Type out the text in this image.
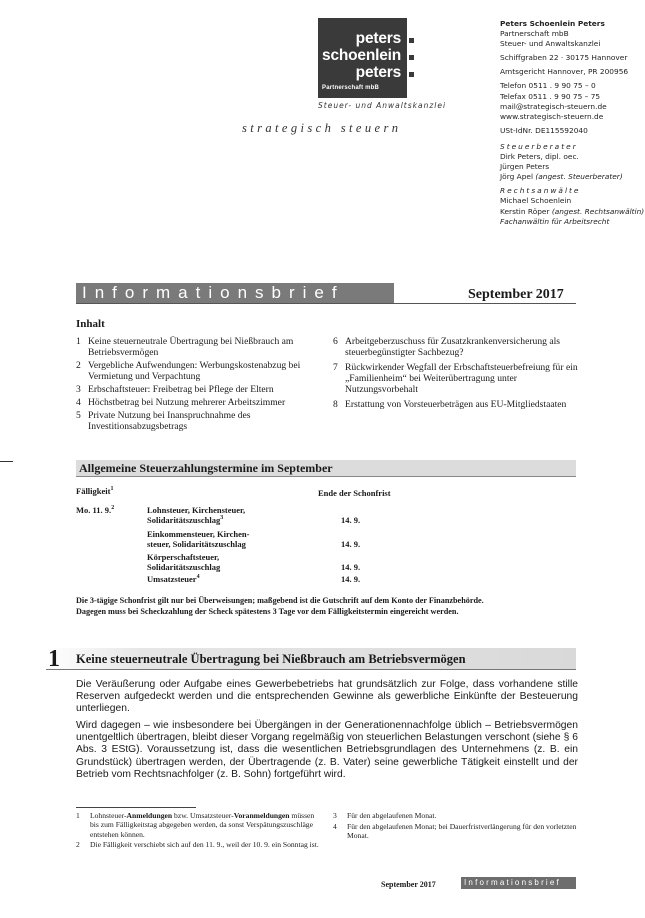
peters
schoenlein
peters
Partnerschaft mbB
Steuer- und Anwaltskanzlei
strategisch steuern
Peters Schoenlein Peters
Partnerschaft mbB
Steuer- und Anwaltskanzlei
Schiffgraben 22 · 30175 Hannover
Amtsgericht Hannover, PR 200956
Telefon 0511 . 9 90 75 – 0
Telefax 0511 . 9 90 75 – 75
mail@strategisch-steuern.de
www.strategisch-steuern.de
USt-IdNr. DE115592040
Steuerberater
Dirk Peters, dipl. oec.
Jürgen Peters
Jörg Apel (angest. Steuerberater)
Rechtsanwälte
Michael Schoenlein
Kerstin Röper (angest. Rechtsanwältin)
Fachanwältin für Arbeitsrecht
Informationsbrief	September 2017
Inhalt
1 Keine steuerneutrale Übertragung bei Nießbrauch am Betriebsvermögen
2 Vergebliche Aufwendungen: Werbungskostenabzug bei Vermietung und Verpachtung
3 Erbschaftsteuer: Freibetrag bei Pflege der Eltern
4 Höchstbetrag bei Nutzung mehrerer Arbeitszimmer
5 Private Nutzung bei Inanspruchnahme des Investitionsabzugsbetrags
6 Arbeitgeberzuschuss für Zusatzkrankenversicherung als steuerbegünstigter Sachbezug?
7 Rückwirkender Wegfall der Erbschaftsteuerbefreiung für ein „Familienheim“ bei Weiterübertragung unter Nutzungsvorbehalt
8 Erstattung von Vorsteuerbeträgen aus EU-Mitgliedstaaten
Allgemeine Steuerzahlungstermine im September
Fälligkeit$^1$	Ende der Schonfrist
Mo. 11. 9.$^2$	Lohnsteuer, Kirchensteuer,
Solidaritätszuschlag$^3$	14. 9.
Einkommensteuer, Kirchen-
steuer, Solidaritätszuschlag	14. 9.
Körperschaftsteuer,
Solidaritätszuschlag	14. 9.
Umsatzsteuer$^4$	14. 9.
Die 3-tägige Schonfrist gilt nur bei Überweisungen; maßgebend ist die Gutschrift auf dem Konto der Finanzbehörde.
Dagegen muss bei Scheckzahlung der Scheck spätestens 3 Tage vor dem Fälligkeitstermin eingereicht werden.
1 Keine steuerneutrale Übertragung bei Nießbrauch am Betriebsvermögen
Die Veräußerung oder Aufgabe eines Gewerbebetriebs hat grundsätzlich zur Folge, dass vorhandene stille Reserven aufgedeckt werden und die entsprechenden Gewinne als gewerbliche Einkünfte der Besteuerung unterliegen.
Wird dagegen – wie insbesondere bei Übergängen in der Generationennachfolge üblich – Betriebsvermögen unentgeltlich übertragen, bleibt dieser Vorgang regelmäßig von steuerlichen Belastungen verschont (siehe § 6 Abs. 3 EStG). Voraussetzung ist, dass die wesentlichen Betriebsgrundlagen des Unternehmens (z. B. ein Grundstück) übertragen werden, der Übertragende (z. B. Vater) seine gewerbliche Tätigkeit einstellt und der Betrieb vom Rechtsnachfolger (z. B. Sohn) fortgeführt wird.
1	Lohnsteuer-Anmeldungen bzw. Umsatzsteuer-Voranmeldungen müssen bis zum Fälligkeitstag abgegeben werden, da sonst Verspätungszuschläge entstehen können.
2	Die Fälligkeit verschiebt sich auf den 11. 9., weil der 10. 9. ein Sonntag ist.
3	Für den abgelaufenen Monat.
4	Für den abgelaufenen Monat; bei Dauerfristverlängerung für den vorletzten Monat.
September 2017	Informationsbrief
